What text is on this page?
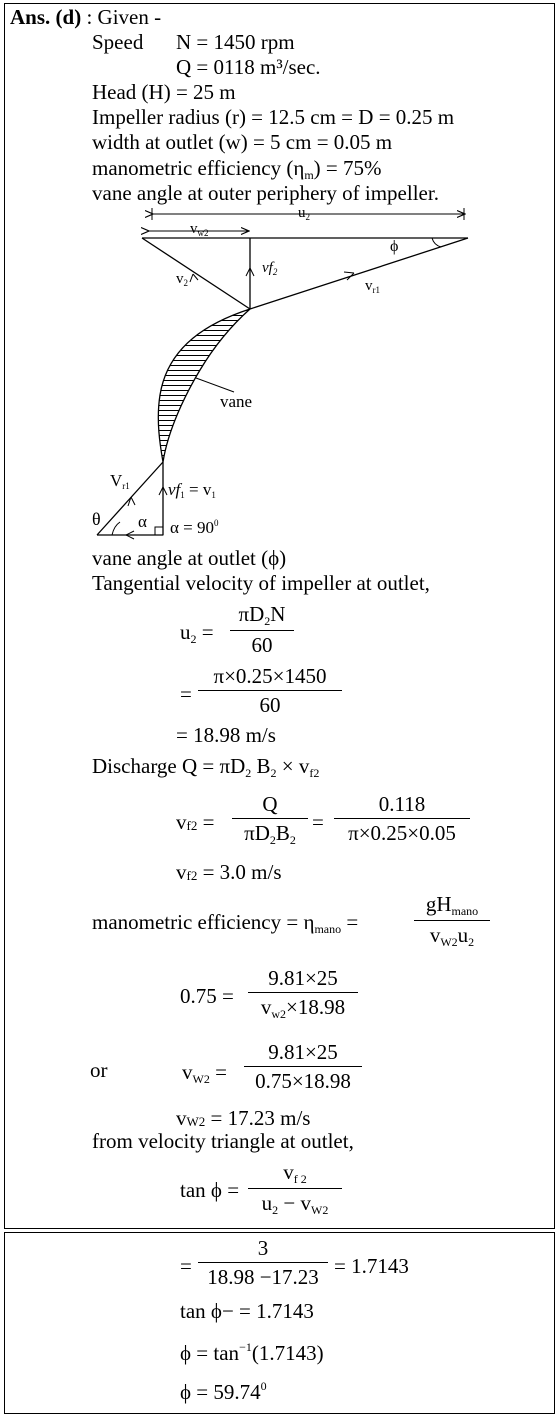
Ans. (d) : Given -
Speed N = 1450 rpm
Q = 0118 m³/sec.
Head (H) = 25 m
Impeller radius (r) = 12.5 cm = D = 0.25 m
width at outlet (w) = 5 cm = 0.05 m
manometric efficiency $(\eta_m) = 75\%$
vane angle at outer periphery of impeller.
$u_2$
$v_{w2}$
ϕ
$v_2$
$vf_2$
$v_{r1}$
vane
$V_{r1}$ $vf_1 = v_1$
θ α $\alpha = 90^0$
vane angle at outlet (ϕ)
Tangential velocity of impeller at outlet,
$u_2$ =
$\pi D_2N$
60
=
π×0.25×1450
60
= 18.98 m/s
Discharge $Q = \pi D_2$ $B_2 \times v_{f2}$
vf2 =
Q
$\pi D_2B_2$
=
0.118
π×0.25×0.05
vf2 = 3.0 m/s
manometric efficiency = $\eta_{mano}$ =
$gH_{mano}$
$v_{W2}u_2$
0.75 =
9.81×25
$v_{w2}\times 18.98$
or	$v_{W2}$ =
9.81×25
0.75×18.98
vW2 = 17.23 m/s
from velocity triangle at outlet,
tan ϕ =
$v_{f 2}$
$u_2 - v_{W2}$
=
3
18.98 −17.23 = 1.7143
tan ϕ− = 1.7143
$\phi = \tan^{-1}(1.7143)$
$\phi = 59.74^0$
